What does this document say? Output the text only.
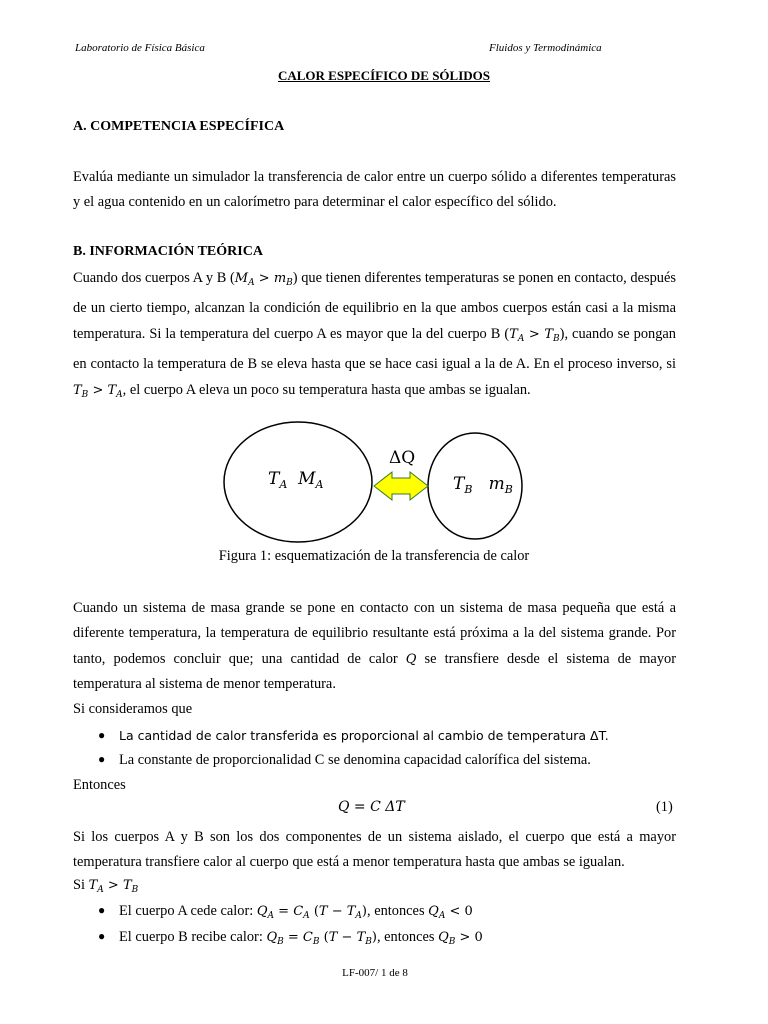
Laboratorio de Física Básica	Fluidos y Termodinámica
CALOR ESPECÍFICO DE SÓLIDOS
A. COMPETENCIA ESPECÍFICA
Evalúa mediante un simulador la transferencia de calor entre un cuerpo sólido a diferentes temperaturas y el agua contenido en un calorímetro para determinar el calor específico del sólido.
B. INFORMACIÓN TEÓRICA
Cuando dos cuerpos A y B $(M_A > m_B)$ que tienen diferentes temperaturas se ponen en contacto, después de un cierto tiempo, alcanzan la condición de equilibrio en la que ambos cuerpos están casi a la misma temperatura. Si la temperatura del cuerpo A es mayor que la del cuerpo B $(T_A > T_B)$, cuando se pongan en contacto la temperatura de B se eleva hasta que se hace casi igual a la de A. En el proceso inverso, si $T_B > T_A$, el cuerpo A eleva un poco su temperatura hasta que ambas se igualan.
ΔQ
$T_A$ $M_A$	$T_B$ $m_B$
Figura 1: esquematización de la transferencia de calor
Cuando un sistema de masa grande se pone en contacto con un sistema de masa pequeña que está a diferente temperatura, la temperatura de equilibrio resultante está próxima a la del sistema grande. Por tanto, podemos concluir que; una cantidad de calor Q se transfiere desde el sistema de mayor temperatura al sistema de menor temperatura.
Si consideramos que
● La cantidad de calor transferida es proporcional al cambio de temperatura ΔT.
● La constante de proporcionalidad C se denomina capacidad calorífica del sistema.
Entonces
Q = C ΔT	(1)
Si los cuerpos A y B son los dos componentes de un sistema aislado, el cuerpo que está a mayor temperatura transfiere calor al cuerpo que está a menor temperatura hasta que ambas se igualan.
Si $T_A > T_B$
● El cuerpo A cede calor: $Q_A = C_A$ $(T - T_A)$, entonces $Q_A < 0$
● El cuerpo B recibe calor: $Q_B = C_B$ $(T - T_B)$, entonces $Q_B > 0$
LF-007/ 1 de 8
